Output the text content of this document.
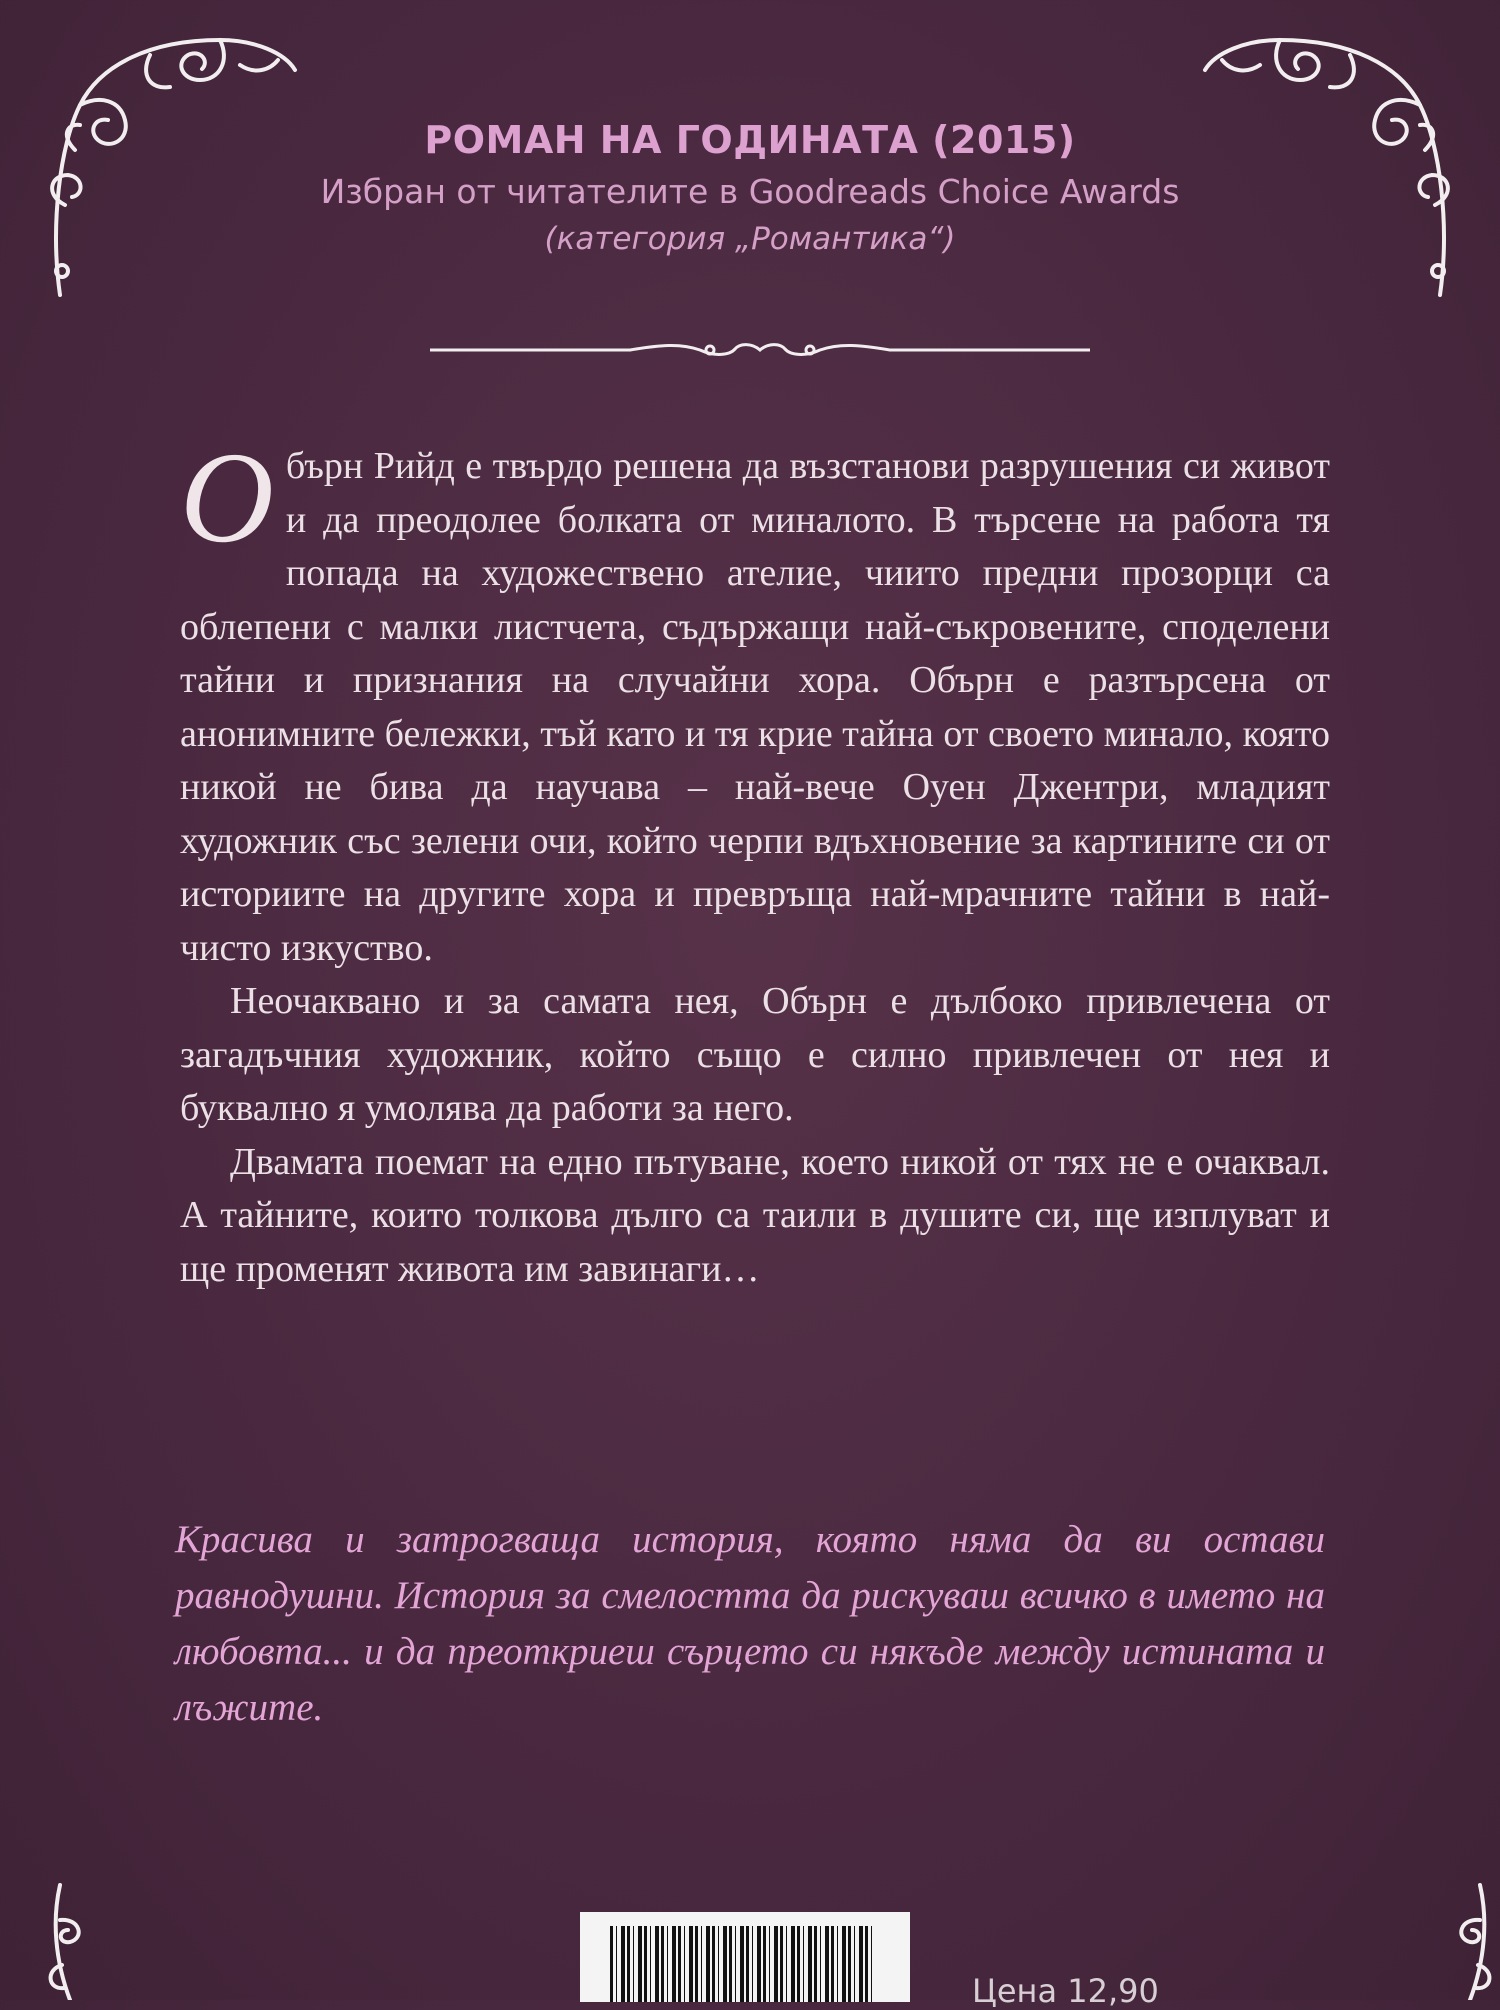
РОМАН НА ГОДИНАТА (2015)
Избран от читателите в Goodreads Choice Awards
(категория „Романтика“)

Обърн Рийд е твърдо решена да възстанови разрушения си живот и да преодолее болката от миналото. В търсене на работа тя попада на художествено ателие, чиито предни прозорци са облепени с малки листчета, съдържащи най-съкровените, споделени тайни и признания на случайни хора. Обърн е разтърсена от анонимните бележки, тъй като и тя крие тайна от своето минало, която никой не бива да научава – най-вече Оуен Джентри, младият художник със зелени очи, който черпи вдъхновение за картините си от историите на другите хора и превръща най-мрачните тайни в най-чисто изкуство.

Неочаквано и за самата нея, Обърн е дълбоко привлечена от загадъчния художник, който също е силно привлечен от нея и буквално я умолява да работи за него.

Двамата поемат на едно пътуване, което никой от тях не е очаквал. А тайните, които толкова дълго са таили в душите си, ще изплуват и ще променят живота им завинаги…

Красива и затрогваща история, която няма да ви остави равнодушни. История за смелостта да рискуваш всичко в името на любовта... и да преоткриеш сърцето си някъде между истината и лъжите.
Цена 12,90
